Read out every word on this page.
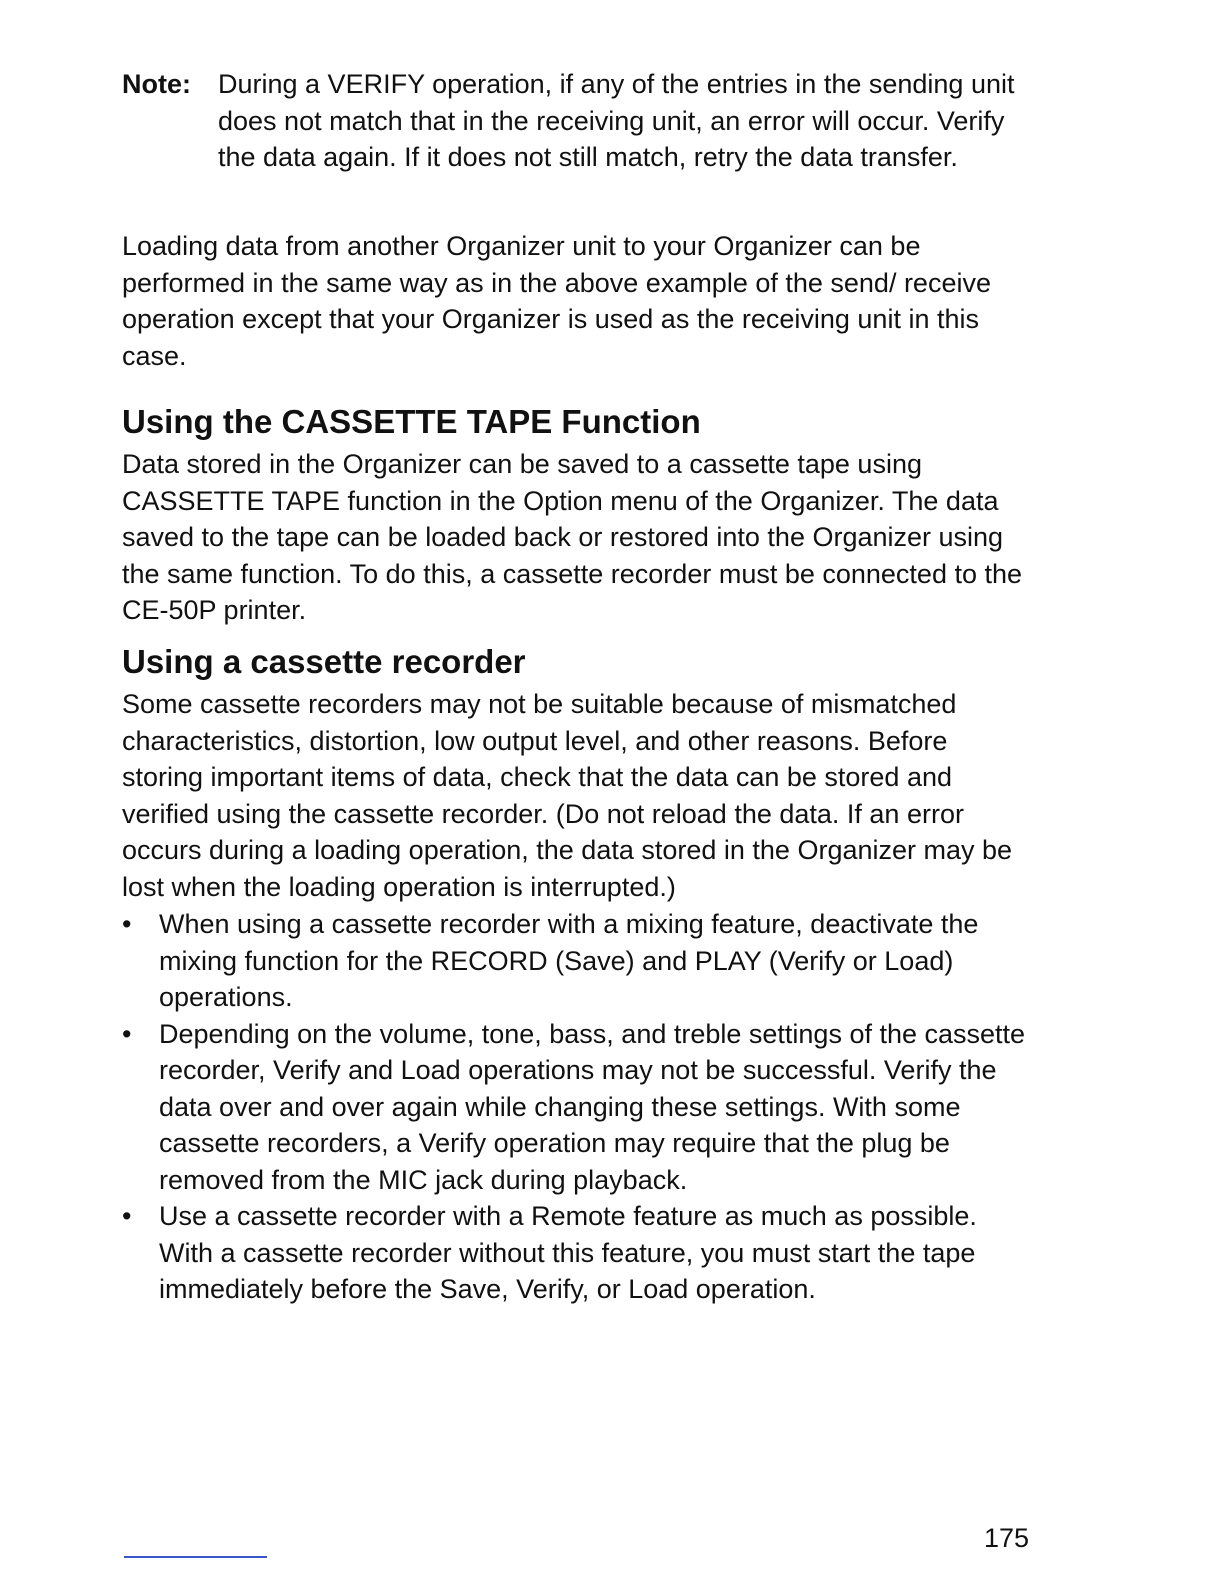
Note: During a VERIFY operation, if any of the entries in the sending unit does not match that in the receiving unit, an error will occur. Verify the data again. If it does not still match, retry the data transfer.

Loading data from another Organizer unit to your Organizer can be performed in the same way as in the above example of the send/ receive operation except that your Organizer is used as the receiving unit in this case.

Using the CASSETTE TAPE Function

Data stored in the Organizer can be saved to a cassette tape using CASSETTE TAPE function in the Option menu of the Organizer. The data saved to the tape can be loaded back or restored into the Organizer using the same function. To do this, a cassette recorder must be connected to the CE-50P printer.

Using a cassette recorder

Some cassette recorders may not be suitable because of mismatched characteristics, distortion, low output level, and other reasons. Before storing important items of data, check that the data can be stored and verified using the cassette recorder. (Do not reload the data. If an error occurs during a loading operation, the data stored in the Organizer may be lost when the loading operation is interrupted.)

• When using a cassette recorder with a mixing feature, deactivate the mixing function for the RECORD (Save) and PLAY (Verify or Load) operations.
• Depending on the volume, tone, bass, and treble settings of the cassette recorder, Verify and Load operations may not be successful. Verify the data over and over again while changing these settings. With some cassette recorders, a Verify operation may require that the plug be removed from the MIC jack during playback.
• Use a cassette recorder with a Remote feature as much as possible. With a cassette recorder without this feature, you must start the tape immediately before the Save, Verify, or Load operation.
175
